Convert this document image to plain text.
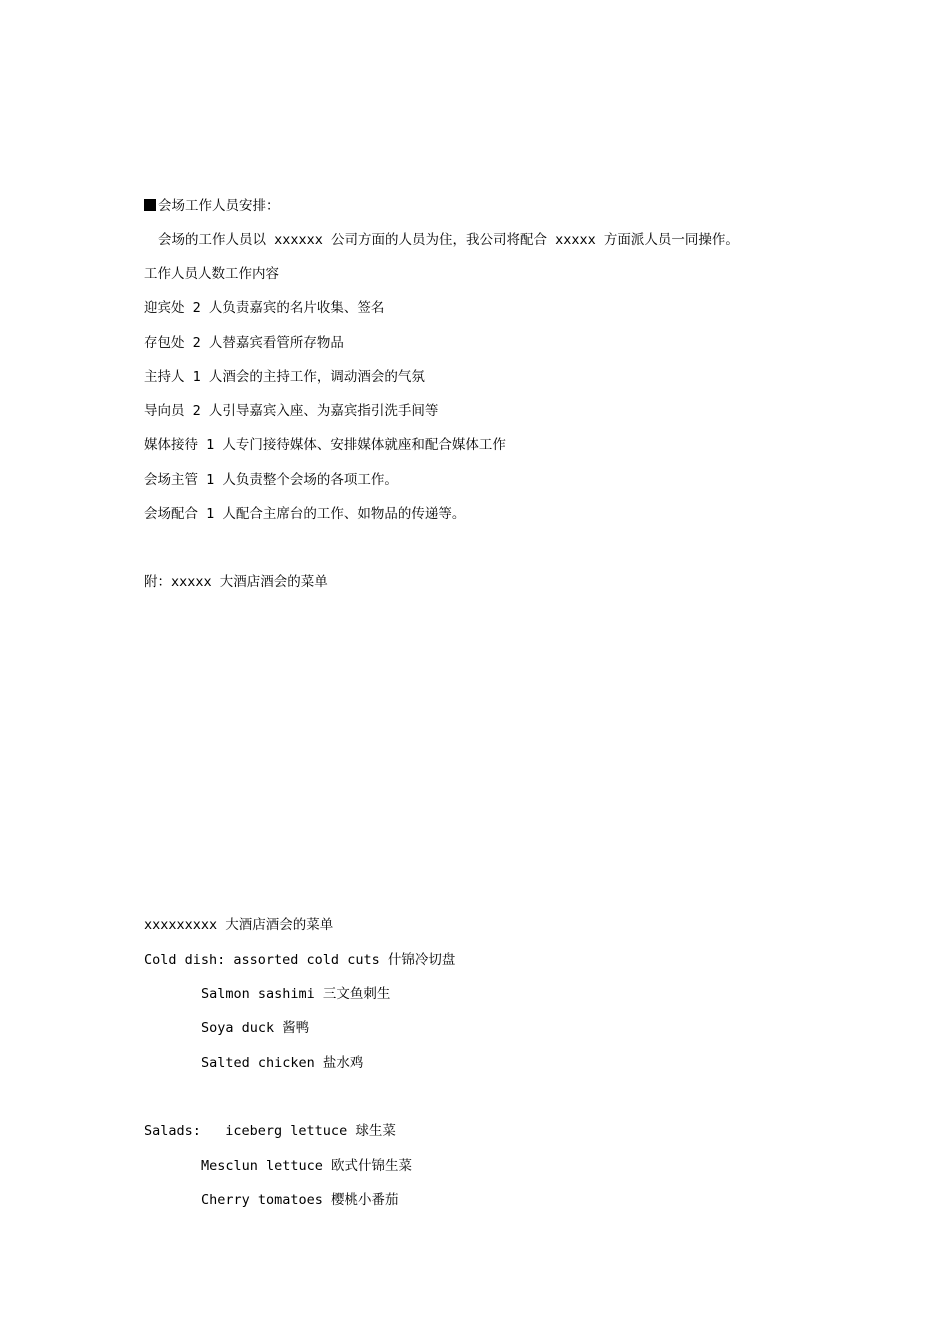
会场工作人员安排：
会场的工作人员以 xxxxxx 公司方面的人员为住，我公司将配合 xxxxx 方面派人员一同操作。
工作人员人数工作内容
迎宾处 2 人负责嘉宾的名片收集、签名
存包处 2 人替嘉宾看管所存物品
主持人 1 人酒会的主持工作，调动酒会的气氛
导向员 2 人引导嘉宾入座、为嘉宾指引洗手间等
媒体接待 1 人专门接待媒体、安排媒体就座和配合媒体工作
会场主管 1 人负责整个会场的各项工作。
会场配合 1 人配合主席台的工作、如物品的传递等。
附：xxxxx 大酒店酒会的菜单
xxxxxxxxx 大酒店酒会的菜单
Cold dish: assorted cold cuts 什锦冷切盘
Salmon sashimi 三文鱼刺生
Soya duck 酱鸭
Salted chicken 盐水鸡
Salads:   iceberg lettuce 球生菜
Mesclun lettuce 欧式什锦生菜
Cherry tomatoes 樱桃小番茄
